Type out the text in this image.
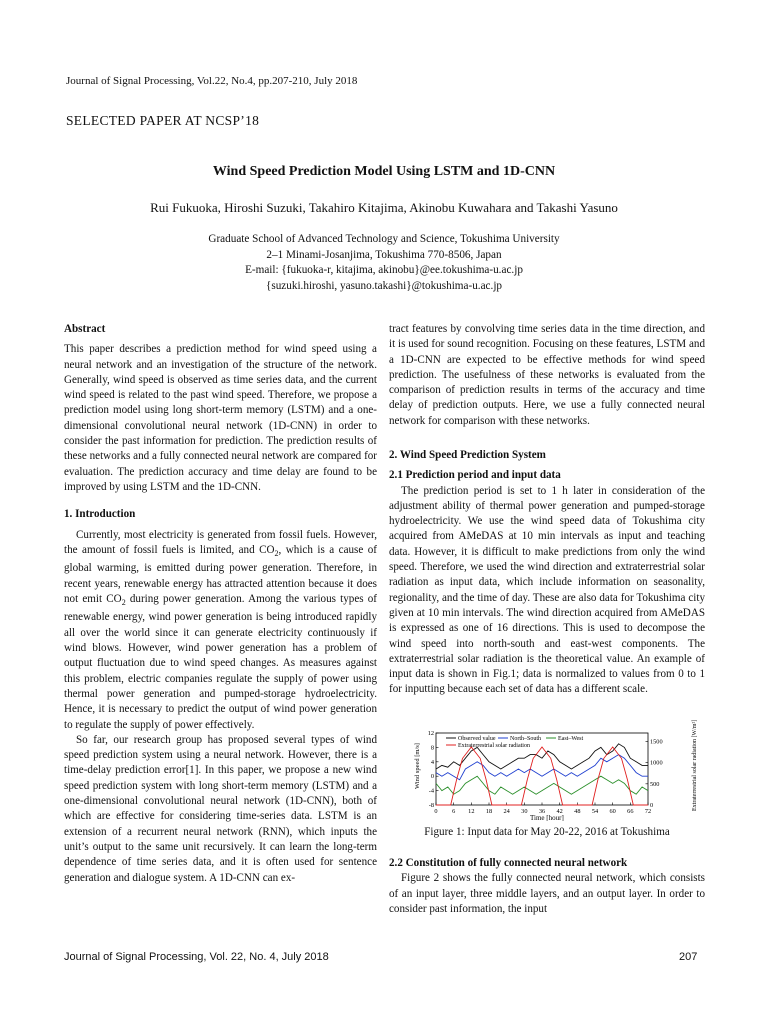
Journal of Signal Processing, Vol.22, No.4, pp.207-210, July 2018
SELECTED PAPER AT NCSP’18
Wind Speed Prediction Model Using LSTM and 1D-CNN
Rui Fukuoka, Hiroshi Suzuki, Takahiro Kitajima, Akinobu Kuwahara and Takashi Yasuno
Graduate School of Advanced Technology and Science, Tokushima University
2–1 Minami-Josanjima, Tokushima 770-8506, Japan
E-mail: {fukuoka-r, kitajima, akinobu}@ee.tokushima-u.ac.jp
{suzuki.hiroshi, yasuno.takashi}@tokushima-u.ac.jp
Abstract

This paper describes a prediction method for wind speed using a neural network and an investigation of the structure of the network. Generally, wind speed is observed as time series data, and the current wind speed is related to the past wind speed. Therefore, we propose a prediction model using long short-term memory (LSTM) and a one-dimensional convolutional neural network (1D-CNN) in order to consider the past information for prediction. The prediction results of these networks and a fully connected neural network are compared for evaluation. The prediction accuracy and time delay are found to be improved by using LSTM and the 1D-CNN.

1. Introduction

Currently, most electricity is generated from fossil fuels. However, the amount of fossil fuels is limited, and $CO_2$, which is a cause of global warming, is emitted during power generation. Therefore, in recent years, renewable energy has attracted attention because it does not emit $CO_2$ during power generation. Among the various types of renewable energy, wind power generation is being introduced rapidly all over the world since it can generate electricity continuously if wind blows. However, wind power generation has a problem of output fluctuation due to wind speed changes. As measures against this problem, electric companies regulate the supply of power using thermal power generation and pumped-storage hydroelectricity. Hence, it is necessary to predict the output of wind power generation to regulate the supply of power effectively.

So far, our research group has proposed several types of wind speed prediction system using a neural network. However, there is a time-delay prediction error[1]. In this paper, we propose a new wind speed prediction system with long short-term memory (LSTM) and a one-dimensional convolutional neural network (1D-CNN), both of which are effective for considering time-series data. LSTM is an extension of a recurrent neural network (RNN), which inputs the unit’s output to the same unit recursively. It can learn the long-term dependence of time series data, and it is often used for sentence generation and dialogue system. A 1D-CNN can ex-

tract features by convolving time series data in the time direction, and it is used for sound recognition. Focusing on these features, LSTM and a 1D-CNN are expected to be effective methods for wind speed prediction. The usefulness of these networks is evaluated from the comparison of prediction results in terms of the accuracy and time delay of prediction outputs. Here, we use a fully connected neural network for comparison with these networks.

2. Wind Speed Prediction System
2.1 Prediction period and input data

The prediction period is set to 1 h later in consideration of the adjustment ability of thermal power generation and pumped-storage hydroelectricity. We use the wind speed data of Tokushima city acquired from AMeDAS at 10 min intervals as input and teaching data. However, it is difficult to make predictions from only the wind speed. Therefore, we used the wind direction and extraterrestrial solar radiation as input data, which include information on seasonality, regionality, and the time of day. These are also data for Tokushima city given at 10 min intervals. The wind direction acquired from AMeDAS is expressed as one of 16 directions. This is used to decompose the wind speed into north-south and east-west components. The extraterrestrial solar radiation is the theoretical value. An example of input data is shown in Fig.1; data is normalized to values from 0 to 1 for inputting because each set of data has a different scale.

0 6 12 18 24 30 36 42 48 54 60 66 72
-8
-4
0
4
8
12
0
500
1000
1500
Observed value North–South	East–West
Extraterrestrial solar radiation
Wind speed [m/s]	Extraterrestrial solar radiation [W/m²]
Time [hour]
Figure 1: Input data for May 20-22, 2016 at Tokushima
2.2 Constitution of fully connected neural network

Figure 2 shows the fully connected neural network, which consists of an input layer, three middle layers, and an output layer. In order to consider past information, the input

Journal of Signal Processing, Vol. 22, No. 4, July 2018	207
